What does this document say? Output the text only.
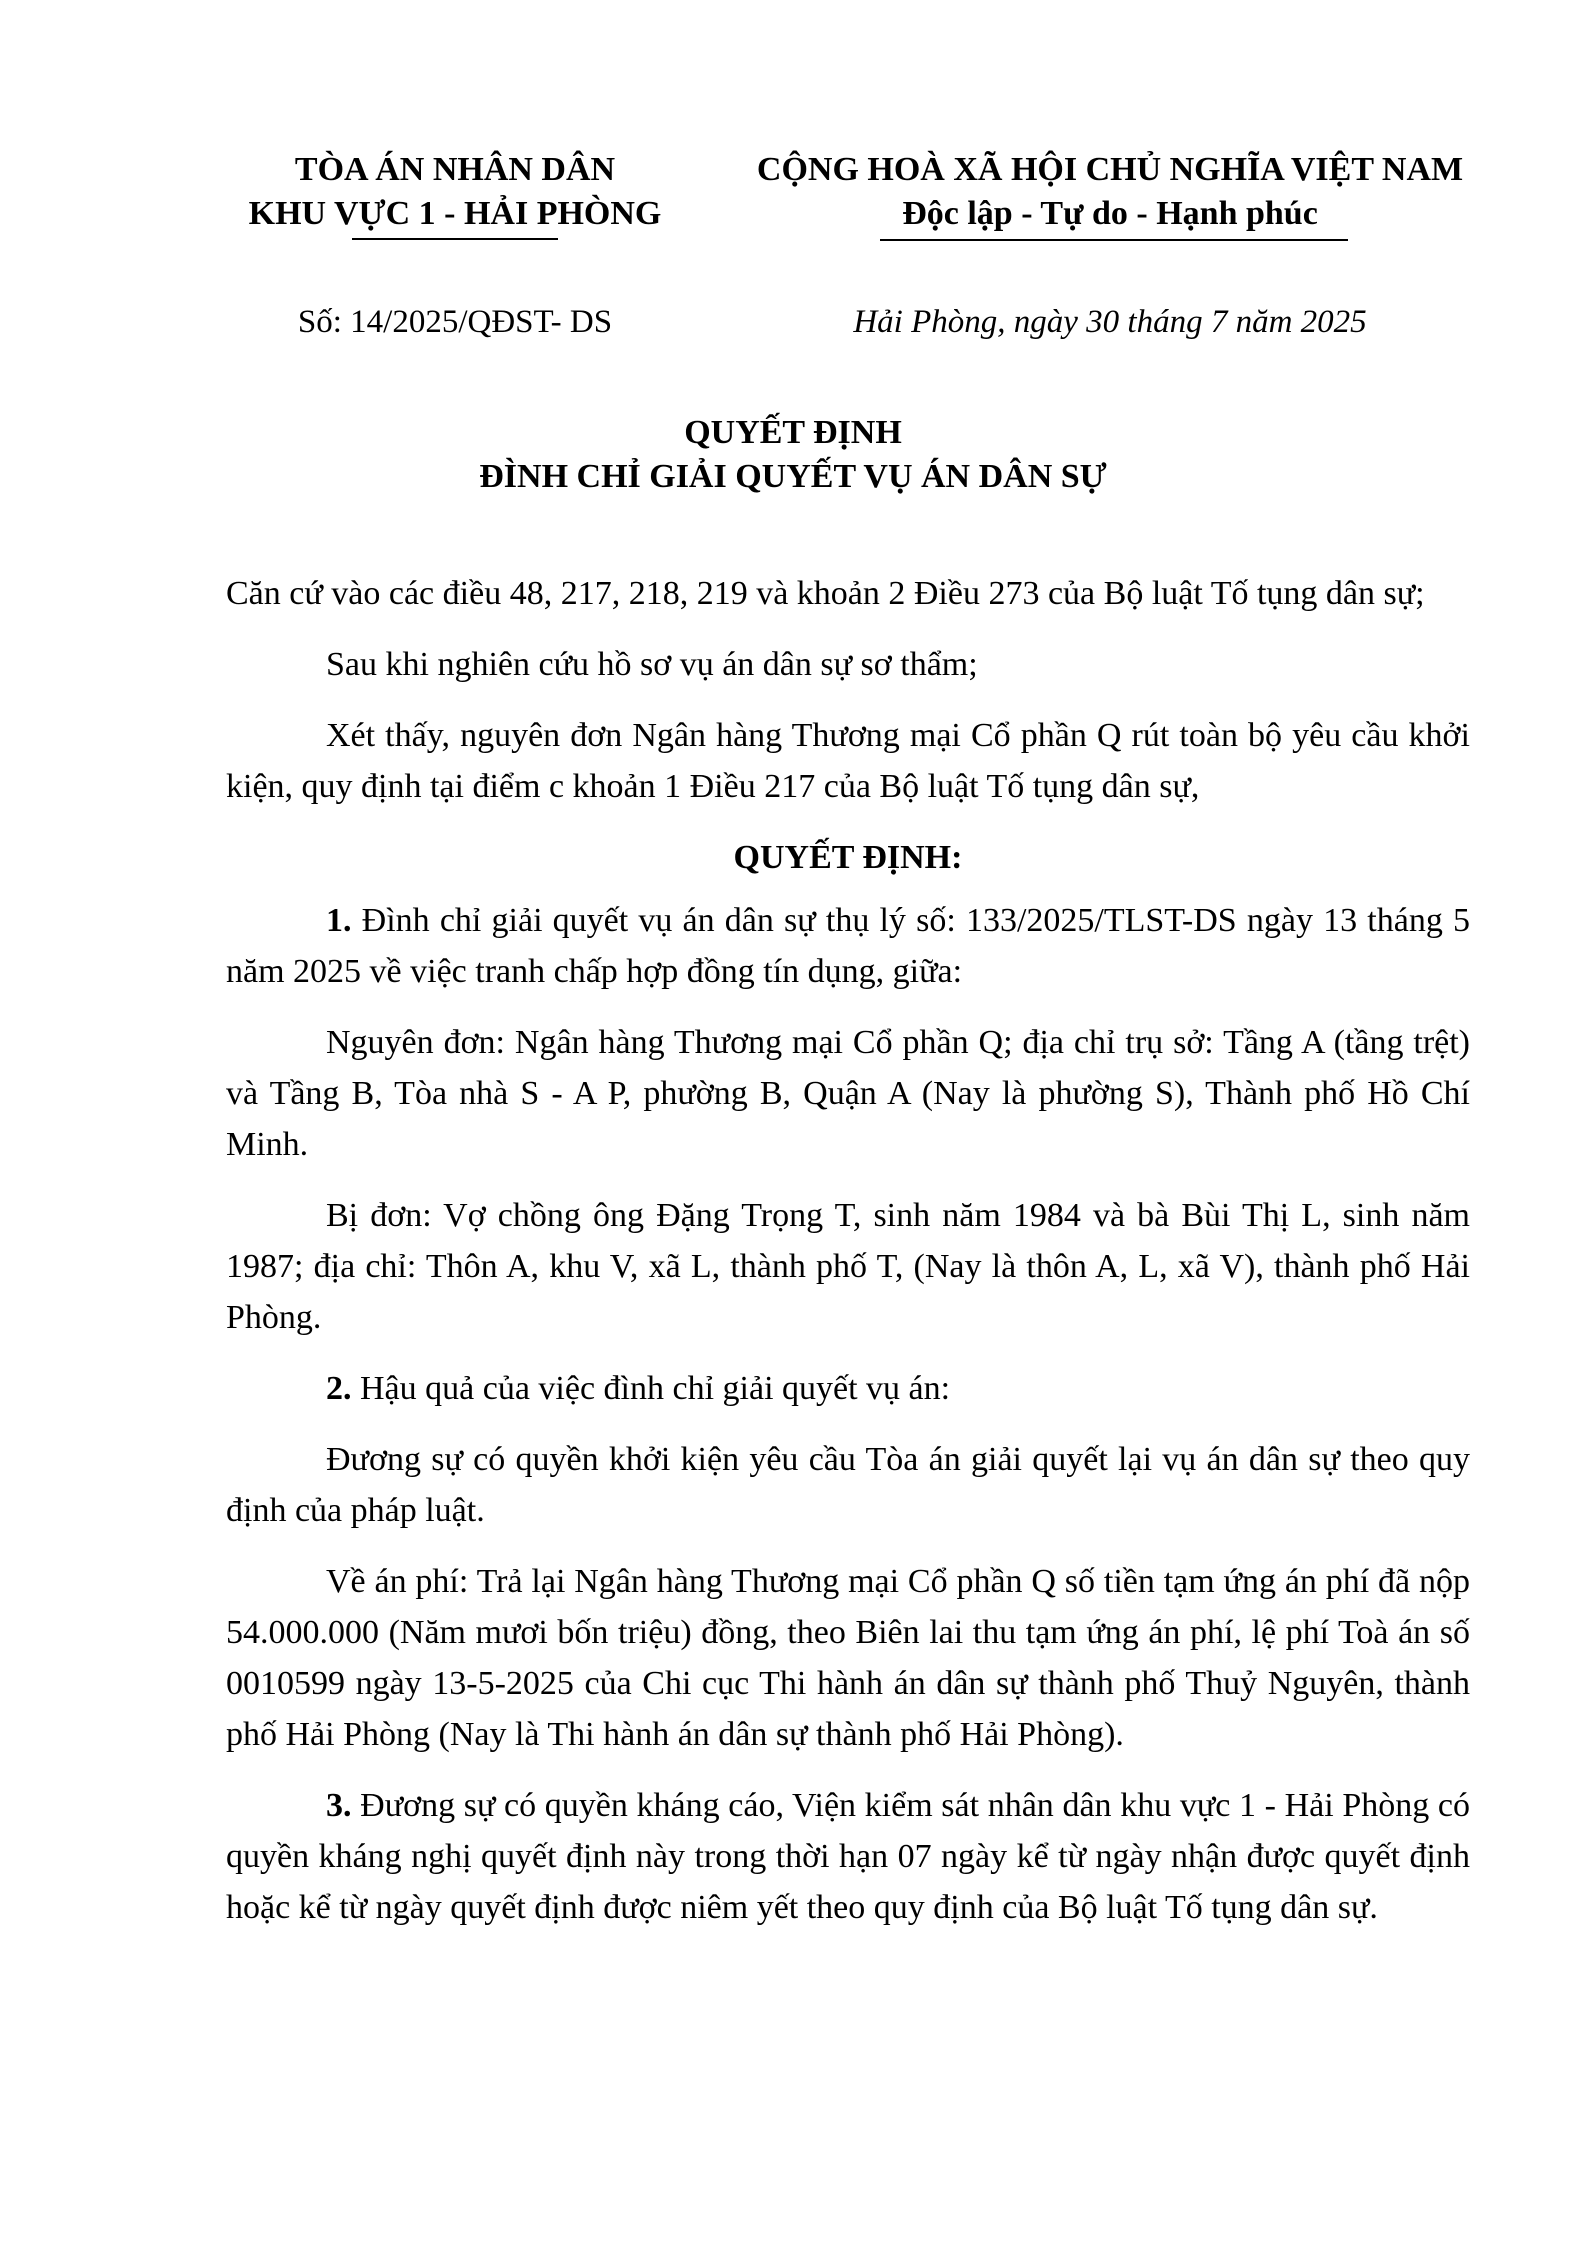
TÒA ÁN NHÂN DÂN
KHU VỰC 1 - HẢI PHÒNG
CỘNG HOÀ XÃ HỘI CHỦ NGHĨA VIỆT NAM
Độc lập - Tự do - Hạnh phúc
Số: 14/2025/QĐST- DS	Hải Phòng, ngày 30 tháng 7 năm 2025
QUYẾT ĐỊNH
ĐÌNH CHỈ GIẢI QUYẾT VỤ ÁN DÂN SỰ

Căn cứ vào các điều 48, 217, 218, 219 và khoản 2 Điều 273 của Bộ luật Tố tụng dân sự;

Sau khi nghiên cứu hồ sơ vụ án dân sự sơ thẩm;

Xét thấy, nguyên đơn Ngân hàng Thương mại Cổ phần Q rút toàn bộ yêu cầu khởi kiện, quy định tại điểm c khoản 1 Điều 217 của Bộ luật Tố tụng dân sự,

QUYẾT ĐỊNH:

1. Đình chỉ giải quyết vụ án dân sự thụ lý số: 133/2025/TLST-DS ngày 13 tháng 5 năm 2025 về việc tranh chấp hợp đồng tín dụng, giữa:

Nguyên đơn: Ngân hàng Thương mại Cổ phần Q; địa chỉ trụ sở: Tầng A (tầng trệt) và Tầng B, Tòa nhà S - A P, phường B, Quận A (Nay là phường S), Thành phố Hồ Chí Minh.

Bị đơn: Vợ chồng ông Đặng Trọng T, sinh năm 1984 và bà Bùi Thị L, sinh năm 1987; địa chỉ: Thôn A, khu V, xã L, thành phố T, (Nay là thôn A, L, xã V), thành phố Hải Phòng.

2. Hậu quả của việc đình chỉ giải quyết vụ án:

Đương sự có quyền khởi kiện yêu cầu Tòa án giải quyết lại vụ án dân sự theo quy định của pháp luật.

Về án phí: Trả lại Ngân hàng Thương mại Cổ phần Q số tiền tạm ứng án phí đã nộp 54.000.000 (Năm mươi bốn triệu) đồng, theo Biên lai thu tạm ứng án phí, lệ phí Toà án số 0010599 ngày 13-5-2025 của Chi cục Thi hành án dân sự thành phố Thuỷ Nguyên, thành phố Hải Phòng (Nay là Thi hành án dân sự thành phố Hải Phòng).

3. Đương sự có quyền kháng cáo, Viện kiểm sát nhân dân khu vực 1 - Hải Phòng có quyền kháng nghị quyết định này trong thời hạn 07 ngày kể từ ngày nhận được quyết định hoặc kể từ ngày quyết định được niêm yết theo quy định của Bộ luật Tố tụng dân sự.
